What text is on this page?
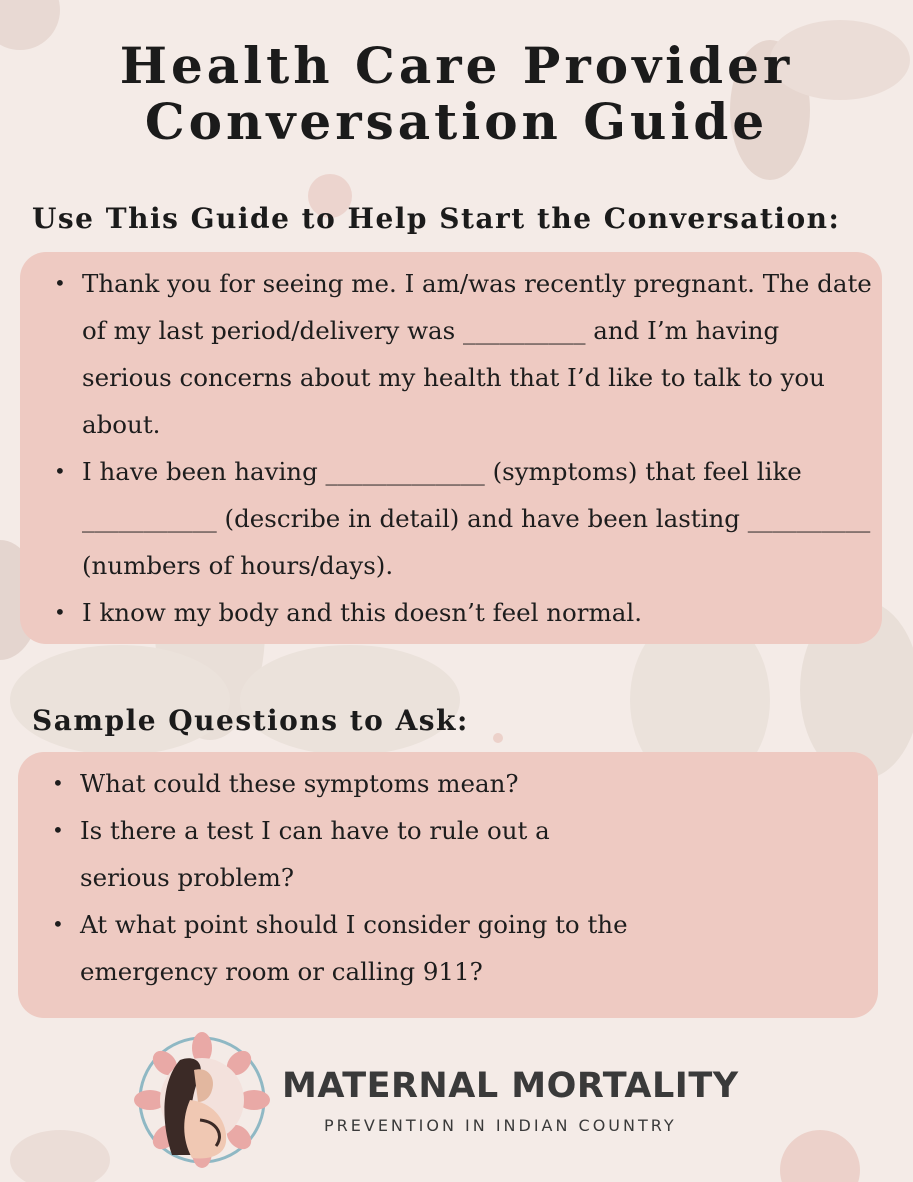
Health Care Provider
Conversation Guide
Use This Guide to Help Start the Conversation:
• Thank you for seeing me. I am/was recently pregnant. The date of my last period/delivery was __________ and I’m having serious concerns about my health that I’d like to talk to you about.
• I have been having _____________ (symptoms) that feel like ___________ (describe in detail) and have been lasting __________ (numbers of hours/days).
• I know my body and this doesn’t feel normal.
Sample Questions to Ask:
• What could these symptoms mean?
• Is there a test I can have to rule out a serious problem?
• At what point should I consider going to the emergency room or calling 911?

MATERNAL MORTALITY

PREVENTION IN INDIAN COUNTRY
